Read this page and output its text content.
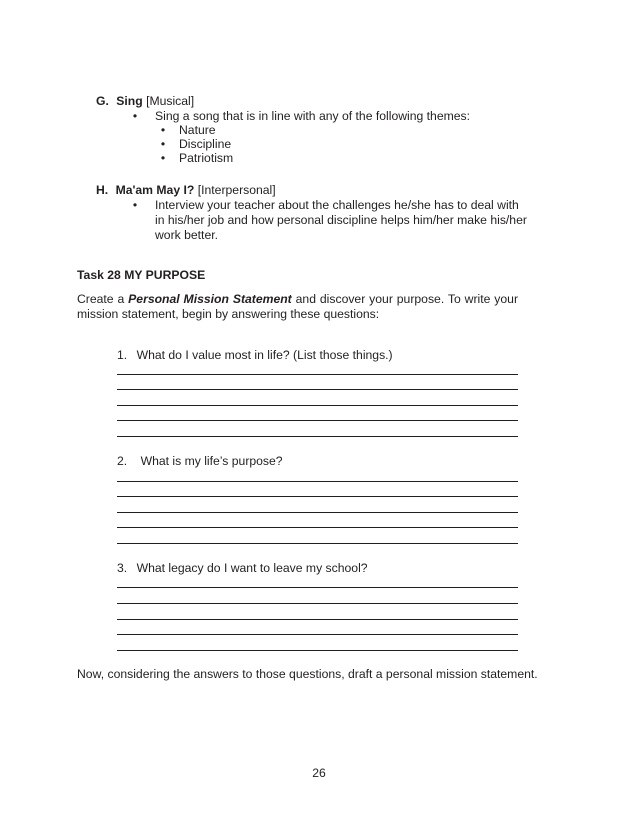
G. Sing [Musical]
• Sing a song that is in line with any of the following themes:
• Nature
• Discipline
• Patriotism
H. Ma'am May I? [Interpersonal]
• Interview your teacher about the challenges he/she has to deal with
in his/her job and how personal discipline helps him/her make his/her
work better.
Task 28 MY PURPOSE
Create a Personal Mission Statement and discover your purpose. To write your
mission statement, begin by answering these questions:
1. What do I value most in life? (List those things.)
2. What is my life’s purpose?
3. What legacy do I want to leave my school?
Now, considering the answers to those questions, draft a personal mission statement.
26
